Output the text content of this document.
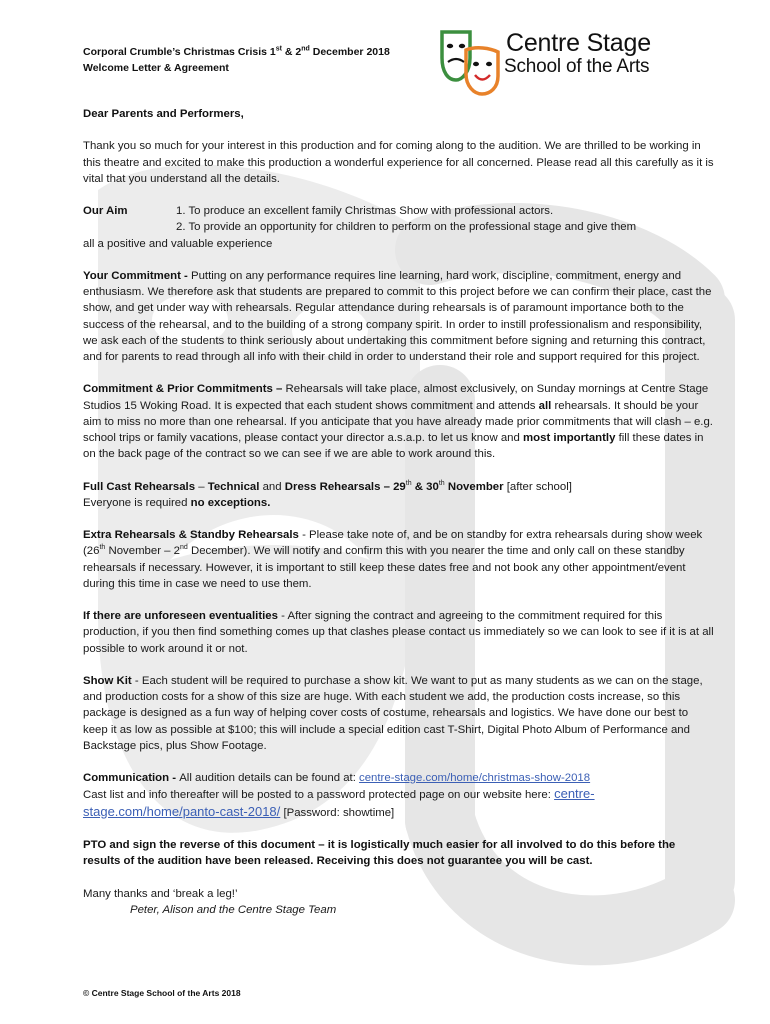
Corporal Crumble’s Christmas Crisis 1st & 2nd December 2018
Welcome Letter & Agreement
Centre Stage
School of the Arts

Dear Parents and Performers,

Thank you so much for your interest in this production and for coming along to the audition. We are thrilled to be working in this theatre and excited to make this production a wonderful experience for all concerned. Please read all this carefully as it is vital that you understand all the details.

Our Aim	1. To produce an excellent family Christmas Show with professional actors.
2. To provide an opportunity for children to perform on the professional stage and give them
all a positive and valuable experience

Your Commitment - Putting on any performance requires line learning, hard work, discipline, commitment, energy and enthusiasm. We therefore ask that students are prepared to commit to this project before we can confirm their place, cast the show, and get under way with rehearsals. Regular attendance during rehearsals is of paramount importance both to the success of the rehearsal, and to the building of a strong company spirit. In order to instill professionalism and responsibility, we ask each of the students to think seriously about undertaking this commitment before signing and returning this contract, and for parents to read through all info with their child in order to understand their role and support required for this project.

Commitment & Prior Commitments – Rehearsals will take place, almost exclusively, on Sunday mornings at Centre Stage Studios 15 Woking Road. It is expected that each student shows commitment and attends all rehearsals. It should be your aim to miss no more than one rehearsal. If you anticipate that you have already made prior commitments that will clash – e.g. school trips or family vacations, please contact your director a.s.a.p. to let us know and most importantly fill these dates in on the back page of the contract so we can see if we are able to work around this.

Full Cast Rehearsals – Technical and Dress Rehearsals – 29th & 30th November [after school]
Everyone is required no exceptions.

Extra Rehearsals & Standby Rehearsals - Please take note of, and be on standby for extra rehearsals during show week (26th November – 2nd December). We will notify and confirm this with you nearer the time and only call on these standby rehearsals if necessary. However, it is important to still keep these dates free and not book any other appointment/event during this time in case we need to use them.

If there are unforeseen eventualities - After signing the contract and agreeing to the commitment required for this production, if you then find something comes up that clashes please contact us immediately so we can look to see if it is at all possible to work around it or not.

Show Kit - Each student will be required to purchase a show kit. We want to put as many students as we can on the stage, and production costs for a show of this size are huge. With each student we add, the production costs increase, so this package is designed as a fun way of helping cover costs of costume, rehearsals and logistics. We have done our best to keep it as low as possible at $100; this will include a special edition cast T-Shirt, Digital Photo Album of Performance and Backstage pics, plus Show Footage.

Communication - All audition details can be found at: centre-stage.com/home/christmas-show-2018
Cast list and info thereafter will be posted to a password protected page on our website here: centre-stage.com/home/panto-cast-2018/ [Password: showtime]

PTO and sign the reverse of this document – it is logistically much easier for all involved to do this before the results of the audition have been released. Receiving this does not guarantee you will be cast.

Many thanks and ‘break a leg!’
Peter, Alison and the Centre Stage Team

© Centre Stage School of the Arts 2018
